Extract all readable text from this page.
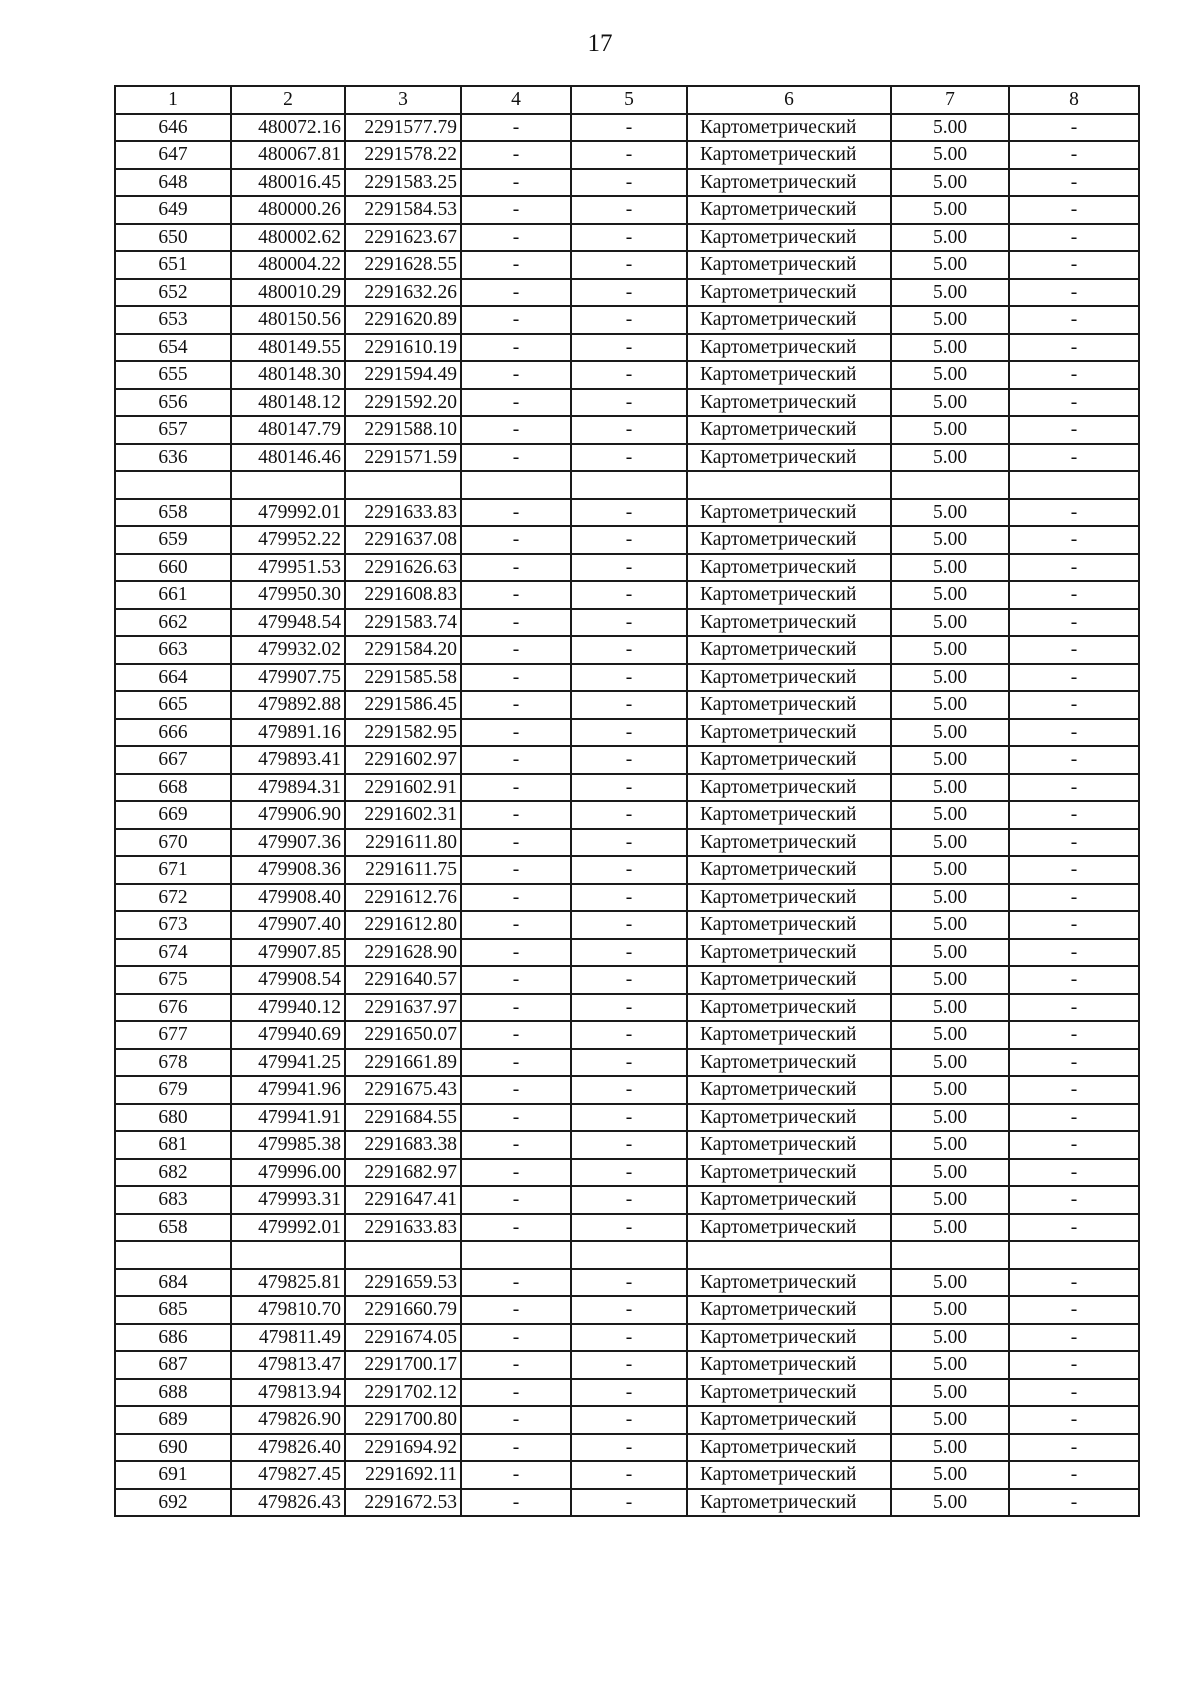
17
1	2	3	4	5	6	7	8
646	480072.16	2291577.79	-	-	Картометрический	5.00	-
647	480067.81	2291578.22	-	-	Картометрический	5.00	-
648	480016.45	2291583.25	-	-	Картометрический	5.00	-
649	480000.26	2291584.53	-	-	Картометрический	5.00	-
650	480002.62	2291623.67	-	-	Картометрический	5.00	-
651	480004.22	2291628.55	-	-	Картометрический	5.00	-
652	480010.29	2291632.26	-	-	Картометрический	5.00	-
653	480150.56	2291620.89	-	-	Картометрический	5.00	-
654	480149.55	2291610.19	-	-	Картометрический	5.00	-
655	480148.30	2291594.49	-	-	Картометрический	5.00	-
656	480148.12	2291592.20	-	-	Картометрический	5.00	-
657	480147.79	2291588.10	-	-	Картометрический	5.00	-
636	480146.46	2291571.59	-	-	Картометрический	5.00	-

658	479992.01	2291633.83	-	-	Картометрический	5.00	-
659	479952.22	2291637.08	-	-	Картометрический	5.00	-
660	479951.53	2291626.63	-	-	Картометрический	5.00	-
661	479950.30	2291608.83	-	-	Картометрический	5.00	-
662	479948.54	2291583.74	-	-	Картометрический	5.00	-
663	479932.02	2291584.20	-	-	Картометрический	5.00	-
664	479907.75	2291585.58	-	-	Картометрический	5.00	-
665	479892.88	2291586.45	-	-	Картометрический	5.00	-
666	479891.16	2291582.95	-	-	Картометрический	5.00	-
667	479893.41	2291602.97	-	-	Картометрический	5.00	-
668	479894.31	2291602.91	-	-	Картометрический	5.00	-
669	479906.90	2291602.31	-	-	Картометрический	5.00	-
670	479907.36	2291611.80	-	-	Картометрический	5.00	-
671	479908.36	2291611.75	-	-	Картометрический	5.00	-
672	479908.40	2291612.76	-	-	Картометрический	5.00	-
673	479907.40	2291612.80	-	-	Картометрический	5.00	-
674	479907.85	2291628.90	-	-	Картометрический	5.00	-
675	479908.54	2291640.57	-	-	Картометрический	5.00	-
676	479940.12	2291637.97	-	-	Картометрический	5.00	-
677	479940.69	2291650.07	-	-	Картометрический	5.00	-
678	479941.25	2291661.89	-	-	Картометрический	5.00	-
679	479941.96	2291675.43	-	-	Картометрический	5.00	-
680	479941.91	2291684.55	-	-	Картометрический	5.00	-
681	479985.38	2291683.38	-	-	Картометрический	5.00	-
682	479996.00	2291682.97	-	-	Картометрический	5.00	-
683	479993.31	2291647.41	-	-	Картометрический	5.00	-
658	479992.01	2291633.83	-	-	Картометрический	5.00	-

684	479825.81	2291659.53	-	-	Картометрический	5.00	-
685	479810.70	2291660.79	-	-	Картометрический	5.00	-
686	479811.49	2291674.05	-	-	Картометрический	5.00	-
687	479813.47	2291700.17	-	-	Картометрический	5.00	-
688	479813.94	2291702.12	-	-	Картометрический	5.00	-
689	479826.90	2291700.80	-	-	Картометрический	5.00	-
690	479826.40	2291694.92	-	-	Картометрический	5.00	-
691	479827.45	2291692.11	-	-	Картометрический	5.00	-
692	479826.43	2291672.53	-	-	Картометрический	5.00	-
